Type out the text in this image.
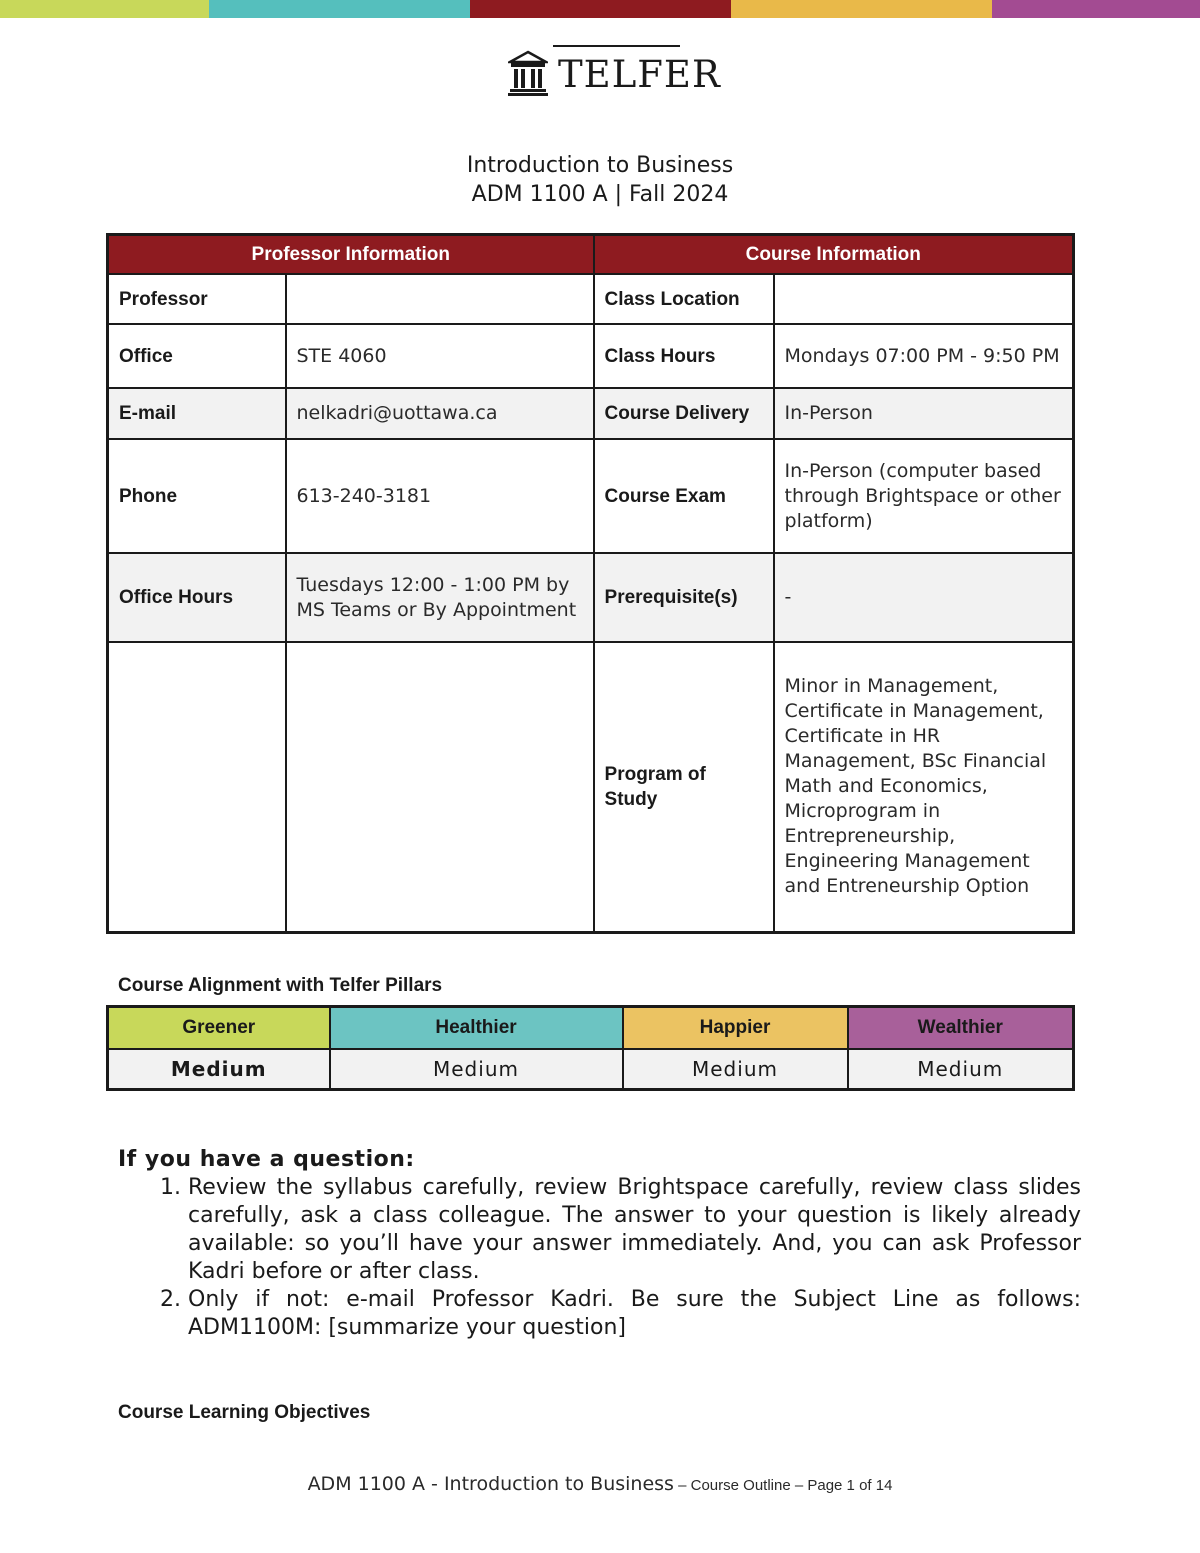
TELFER
Introduction to Business
ADM 1100 A | Fall 2024
Professor Information		Course Information	
Professor		Class Location	
Office	STE 4060	Class Hours	Mondays 07:00 PM - 9:50 PM
E-mail	nelkadri@uottawa.ca	Course Delivery	In-Person
Phone	613-240-3181	Course Exam	In-Person (computer based through Brightspace or other platform)
Office Hours	Tuesdays 12:00 - 1:00 PM by MS Teams or By Appointment	Prerequisite(s)	-
		Program of Study	Minor in Management, Certificate in Management, Certificate in HR Management, BSc Financial Math and Economics, Microprogram in Entrepreneurship, Engineering Management and Entreneurship Option
Course Alignment with Telfer Pillars
Greener	Healthier	Happier	Wealthier
Medium	Medium	Medium	Medium
If you have a question:
1. Review the syllabus carefully, review Brightspace carefully, review class slides carefully, ask a class colleague. The answer to your question is likely already available: so you’ll have your answer immediately. And, you can ask Professor Kadri before or after class.
2. Only if not: e-mail Professor Kadri. Be sure the Subject Line as follows: ADM1100M: [summarize your question]
Course Learning Objectives
ADM 1100 A - Introduction to Business – Course Outline – Page 1 of 14
